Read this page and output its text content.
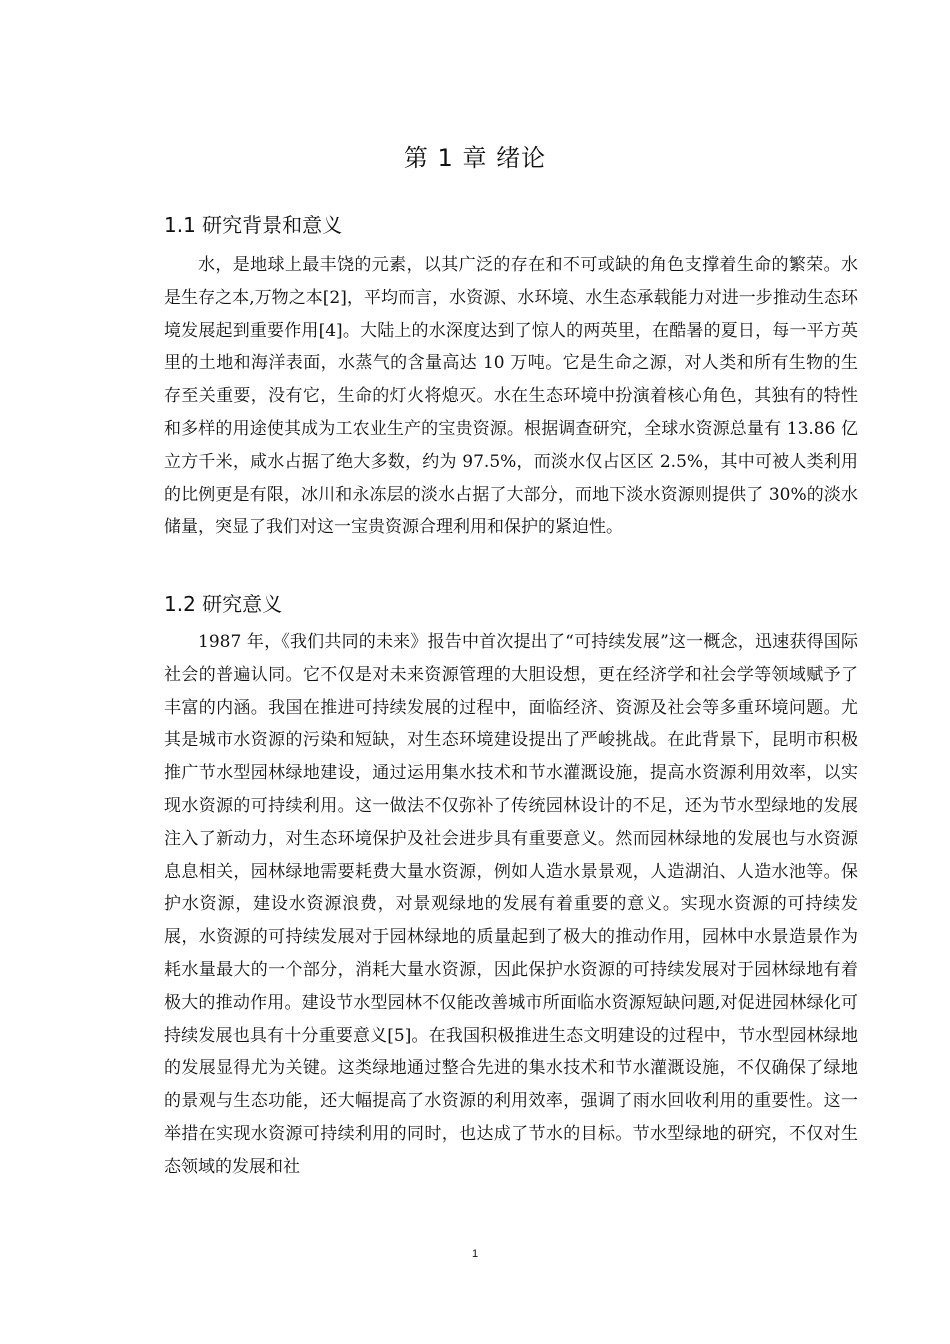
第 1 章 绪论
1.1 研究背景和意义

水，是地球上最丰饶的元素，以其广泛的存在和不可或缺的角色支撑着生命的繁荣。水是生存之本,万物之本[2]，平均而言，水资源、水环境、水生态承载能力对进一步推动生态环境发展起到重要作用[4]。大陆上的水深度达到了惊人的两英里，在酷暑的夏日，每一平方英里的土地和海洋表面，水蒸气的含量高达 10 万吨。它是生命之源，对人类和所有生物的生存至关重要，没有它，生命的灯火将熄灭。水在生态环境中扮演着核心角色，其独有的特性和多样的用途使其成为工农业生产的宝贵资源。根据调查研究，全球水资源总量有 13.86 亿立方千米，咸水占据了绝大多数，约为 97.5%，而淡水仅占区区 2.5%，其中可被人类利用的比例更是有限，冰川和永冻层的淡水占据了大部分，而地下淡水资源则提供了 30%的淡水储量，突显了我们对这一宝贵资源合理利用和保护的紧迫性。

1.2 研究意义

1987 年，《我们共同的未来》报告中首次提出了“可持续发展”这一概念，迅速获得国际社会的普遍认同。它不仅是对未来资源管理的大胆设想，更在经济学和社会学等领域赋予了丰富的内涵。我国在推进可持续发展的过程中，面临经济、资源及社会等多重环境问题。尤其是城市水资源的污染和短缺，对生态环境建设提出了严峻挑战。在此背景下，昆明市积极推广节水型园林绿地建设，通过运用集水技术和节水灌溉设施，提高水资源利用效率，以实现水资源的可持续利用。这一做法不仅弥补了传统园林设计的不足，还为节水型绿地的发展注入了新动力，对生态环境保护及社会进步具有重要意义。然而园林绿地的发展也与水资源息息相关，园林绿地需要耗费大量水资源，例如人造水景景观，人造湖泊、人造水池等。保护水资源，建设水资源浪费，对景观绿地的发展有着重要的意义。实现水资源的可持续发展，水资源的可持续发展对于园林绿地的质量起到了极大的推动作用，园林中水景造景作为耗水量最大的一个部分，消耗大量水资源，因此保护水资源的可持续发展对于园林绿地有着极大的推动作用。建设节水型园林不仅能改善城市所面临水资源短缺问题,对促进园林绿化可持续发展也具有十分重要意义[5]。在我国积极推进生态文明建设的过程中，节水型园林绿地的发展显得尤为关键。这类绿地通过整合先进的集水技术和节水灌溉设施，不仅确保了绿地的景观与生态功能，还大幅提高了水资源的利用效率，强调了雨水回收利用的重要性。这一举措在实现水资源可持续利用的同时，也达成了节水的目标。节水型绿地的研究，不仅对生态领域的发展和社

1
